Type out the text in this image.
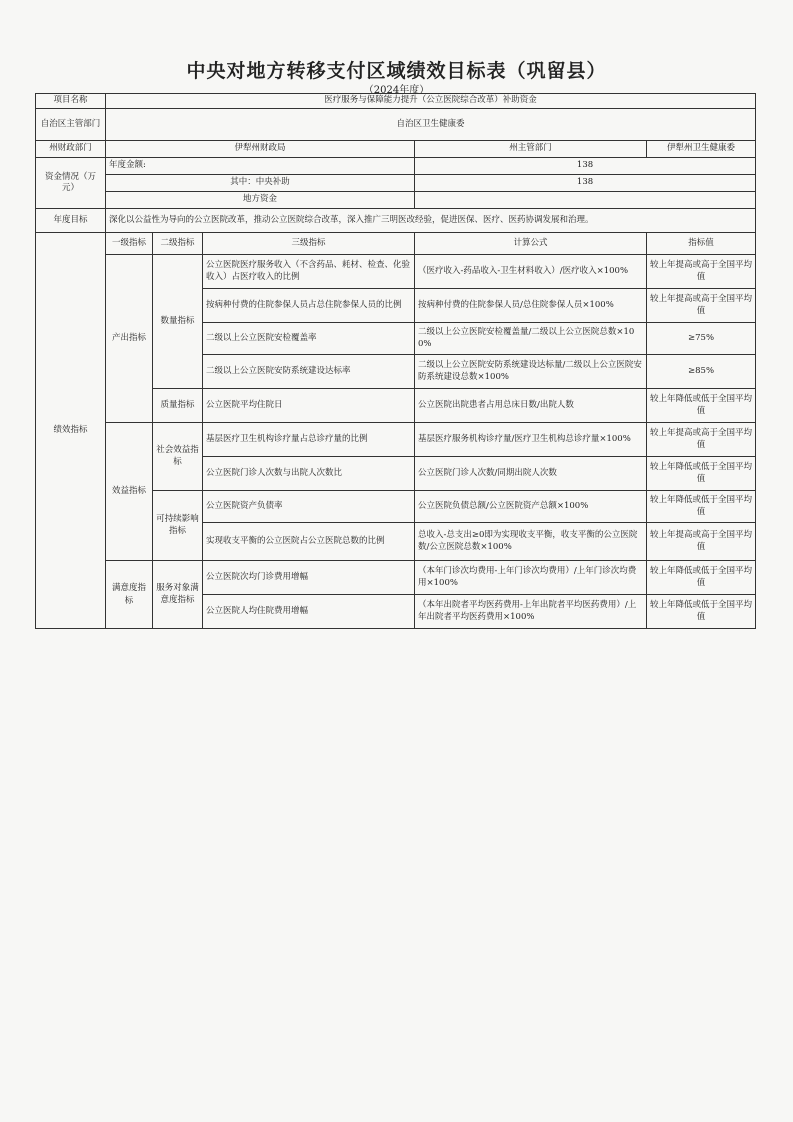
中央对地方转移支付区域绩效目标表（巩留县）
（2024年度）
项目名称	医疗服务与保障能力提升（公立医院综合改革）补助资金				
自治区主管部门	自治区卫生健康委				
州财政部门	伊犁州财政局			州主管部门	伊犁州卫生健康委
资金情况（万元）	年度金额:			138	
	其中：中央补助			138	
	地方资金				
年度目标	深化以公益性为导向的公立医院改革，推动公立医院综合改革，深入推广三明医改经验，促进医保、医疗、医药协调发展和治理。				
绩效指标	一级指标	二级指标	三级指标	计算公式	指标值
	产出指标	数量指标	公立医院医疗服务收入（不含药品、耗材、检查、化验收入）占医疗收入的比例	（医疗收入-药品收入-卫生材料收入）/医疗收入×100%	较上年提高或高于全国平均值
			按病种付费的住院参保人员占总住院参保人员的比例	按病种付费的住院参保人员/总住院参保人员×100%	较上年提高或高于全国平均值
			二级以上公立医院安检覆盖率	二级以上公立医院安检覆盖量/二级以上公立医院总数×100%	≥75%
			二级以上公立医院安防系统建设达标率	二级以上公立医院安防系统建设达标量/二级以上公立医院安防系统建设总数×100%	≥85%
		质量指标	公立医院平均住院日	公立医院出院患者占用总床日数/出院人数	较上年降低或低于全国平均值
	效益指标	社会效益指标	基层医疗卫生机构诊疗量占总诊疗量的比例	基层医疗服务机构诊疗量/医疗卫生机构总诊疗量×100%	较上年提高或高于全国平均值
			公立医院门诊人次数与出院人次数比	公立医院门诊人次数/同期出院人次数	较上年降低或低于全国平均值
		可持续影响指标	公立医院资产负债率	公立医院负债总额/公立医院资产总额×100%	较上年降低或低于全国平均值
			实现收支平衡的公立医院占公立医院总数的比例	总收入-总支出≥0即为实现收支平衡，收支平衡的公立医院数/公立医院总数×100%	较上年提高或高于全国平均值
	满意度指标	服务对象满意度指标	公立医院次均门诊费用增幅	（本年门诊次均费用-上年门诊次均费用）/上年门诊次均费用×100%	较上年降低或低于全国平均值
			公立医院人均住院费用增幅	（本年出院者平均医药费用-上年出院者平均医药费用）/上年出院者平均医药费用×100%	较上年降低或低于全国平均值
